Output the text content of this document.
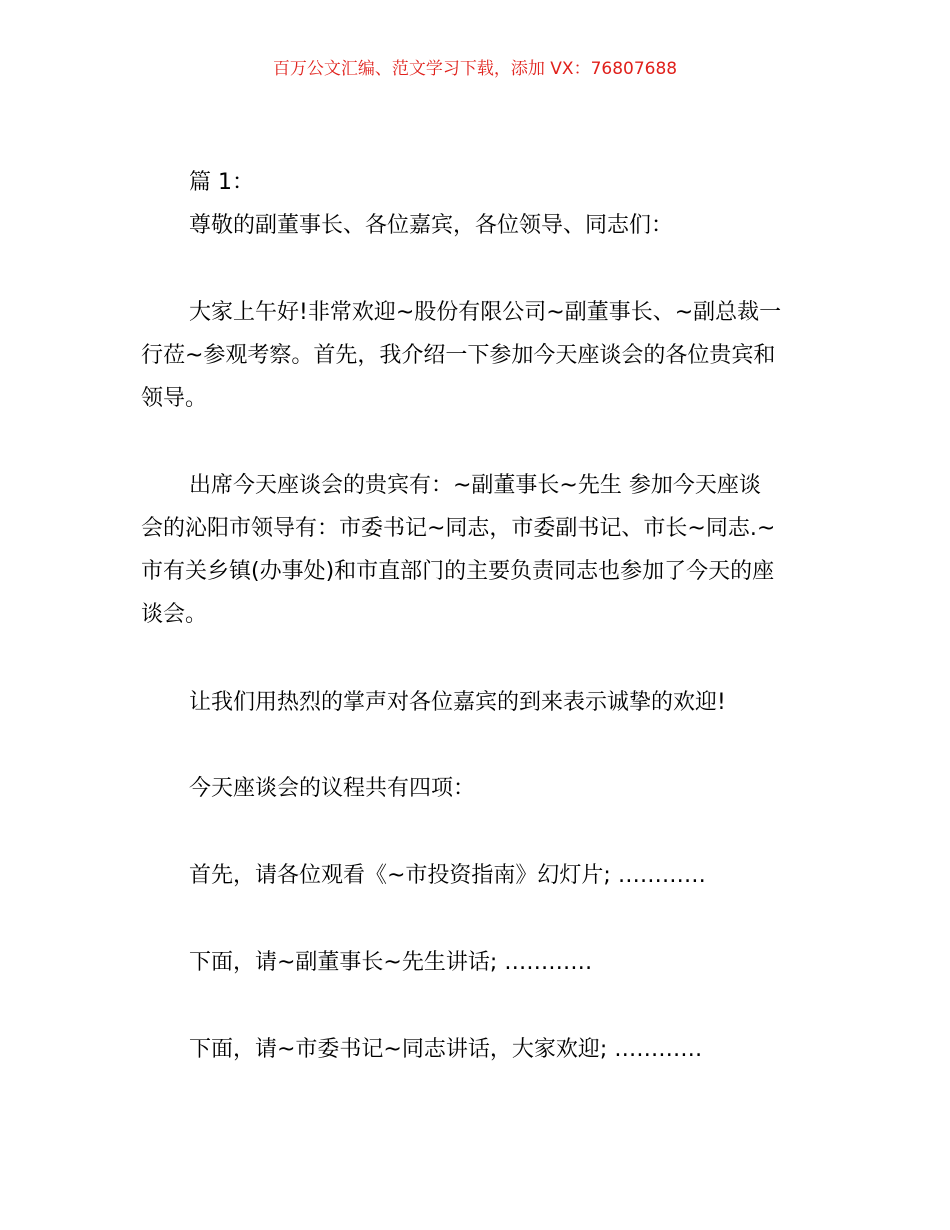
百万公文汇编、范文学习下载，添加 VX：76807688
篇 1：
尊敬的副董事长、各位嘉宾，各位领导、同志们：
大家上午好!非常欢迎~股份有限公司~副董事长、~副总裁一
行莅~参观考察。首先，我介绍一下参加今天座谈会的各位贵宾和
领导。
出席今天座谈会的贵宾有：~副董事长~先生 参加今天座谈
会的沁阳市领导有：市委书记~同志，市委副书记、市长~同志.~
市有关乡镇(办事处)和市直部门的主要负责同志也参加了今天的座
谈会。
让我们用热烈的掌声对各位嘉宾的到来表示诚挚的欢迎!
今天座谈会的议程共有四项：
首先，请各位观看《~市投资指南》幻灯片; …………
下面，请~副董事长~先生讲话; …………
下面，请~市委书记~同志讲话，大家欢迎; …………
